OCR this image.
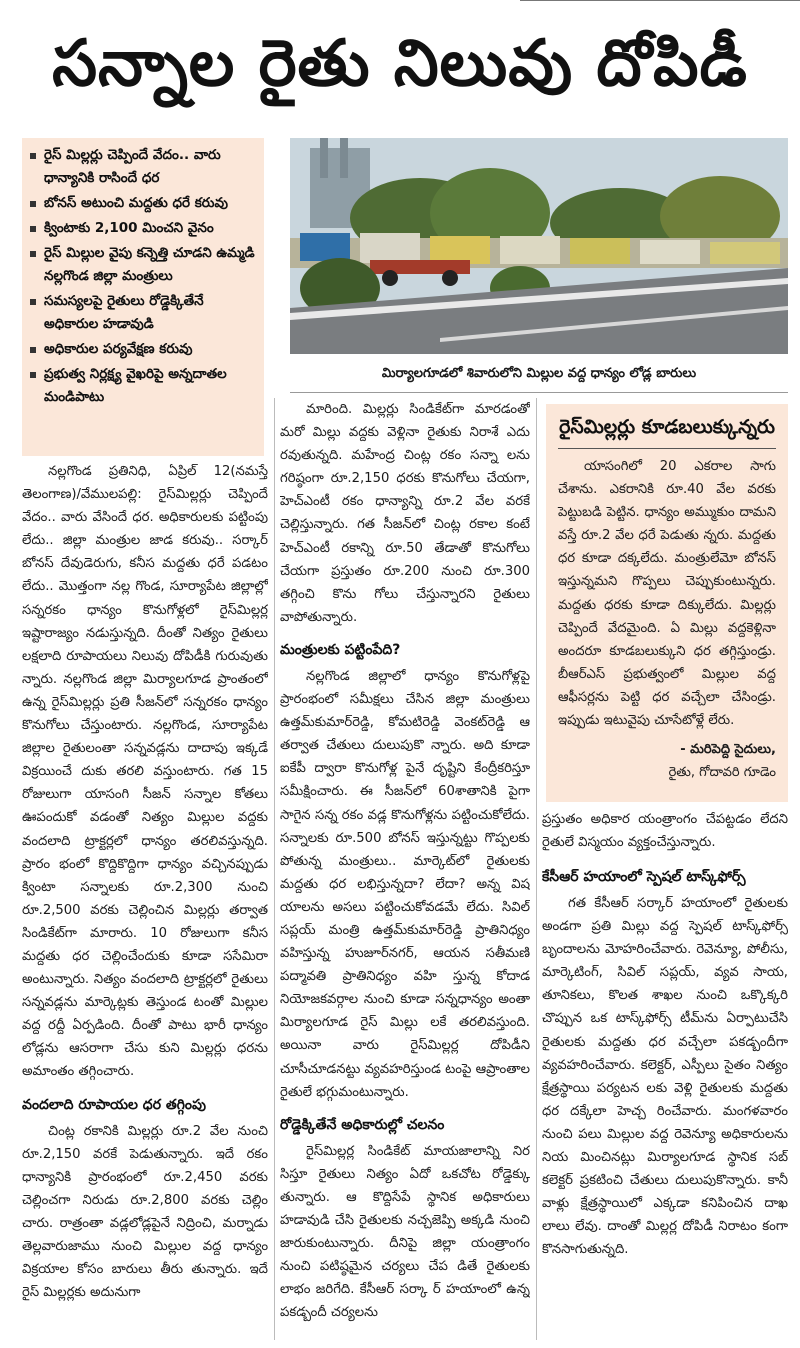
సన్నాల రైతు నిలువు దోపిడీ
రైస్ మిల్లర్లు చెప్పిందే వేదం.. వారు ధాన్యానికి రాసిందే ధర
బోనస్ అటుంచి మద్దతు ధరే కరువు
క్వింటాకు 2,100 మించని వైనం
రైస్ మిల్లుల వైపు కన్నెత్తి చూడని ఉమ్మడి నల్లగొండ జిల్లా మంత్రులు
సమస్యలపై రైతులు రోడ్డెక్కితేనే అధికారుల హడావుడి
అధికారుల పర్యవేక్షణ కరువు
ప్రభుత్వ నిర్లక్ష్య వైఖరిపై అన్నదాతల మండిపాటు
మిర్యాలగూడలో శివారులోని మిల్లుల వద్ద ధాన్యం లోడ్ల బారులు

నల్లగొండ ప్రతినిధి, ఏప్రిల్ 12(నమస్తే తెలంగాణ)/వేములపల్లి: రైస్‌మిల్లర్లు చెప్పిందే వేదం.. వారు వేసిందే ధర. అధికారులకు పట్టింపు లేదు.. జిల్లా మంత్రుల జాడ కరువు.. సర్కార్ బోనస్ దేవుడెరుగు, కనీస మద్దతు ధరే పడటం లేదు.. మొత్తంగా నల్ల గొండ, సూర్యాపేట జిల్లాల్లో సన్నరకం ధాన్యం కొనుగోళ్లలో రైస్‌మిల్లర్ల ఇష్టారాజ్యం నడుస్తున్నది. దీంతో నిత్యం రైతులు లక్షలాది రూపాయలు నిలువు దోపిడీకి గురువుతు న్నారు. నల్లగొండ జిల్లా మిర్యాలగూడ ప్రాంతంలో ఉన్న రైస్‌మిల్లర్లు ప్రతి సీజన్‌లో సన్నరకం ధాన్యం కొనుగోలు చేస్తుంటారు. నల్లగొండ, సూర్యాపేట జిల్లాల రైతులంతా సన్నవడ్లను దాదాపు ఇక్కడే విక్రయించే దుకు తరలి వస్తుంటారు. గత 15 రోజులుగా యాసంగి సీజన్ సన్నాల కోతలు ఊపందుకో వడంతో నిత్యం మిల్లుల వద్దకు వందలాది ట్రాక్టర్లలో ధాన్యం తరలివస్తున్నది. ప్రారం భంలో కొద్దికొద్దిగా ధాన్యం వచ్చినప్పుడు క్వింటా సన్నాలకు రూ.2,300 నుంచి రూ.2,500 వరకు చెల్లించిన మిల్లర్లు తర్వాత సిండికేట్‌గా మారారు. 10 రోజులుగా కనీస మద్దతు ధర చెల్లించేందుకు కూడా ససేమిరా అంటున్నారు. నిత్యం వందలాది ట్రాక్టర్లలో రైతులు సన్నవడ్లను మార్కెట్లకు తెస్తుండ టంతో మిల్లుల వద్ద రద్దీ ఏర్పడింది. దీంతో పాటు భారీ ధాన్యం లోడ్లను ఆసరాగా చేసు కుని మిల్లర్లు ధరను అమాంతం తగ్గించారు.

వందలాది రూపాయల ధర తగ్గింపు

చింట్ల రకానికి మిల్లర్లు రూ.2 వేల నుంచి రూ.2,150 వరకే పెడుతున్నారు. ఇదే రకం ధాన్యానికి ప్రారంభంలో రూ.2,450 వరకు చెల్లించగా నిరుడు రూ.2,800 వరకు చెల్లిం చారు. రాత్రంతా వడ్లలోడ్లపైనే నిద్రించి, మర్నాడు తెల్లవారుజాము నుంచి మిల్లుల వద్ద ధాన్యం విక్రయాల కోసం బారులు తీరు తున్నారు. ఇదే రైస్ మిల్లర్లకు అదునుగా

మారింది. మిల్లర్లు సిండికేట్‌గా మారడంతో మరో మిల్లు వద్దకు వెళ్లినా రైతుకు నిరాశే ఎదు రవుతున్నది. మహేంద్ర చింట్ల రకం సన్నా లను గరిష్ఠంగా రూ.2,150 ధరకు కొనుగోలు చేయగా, హెచ్ఎంటీ రకం ధాన్యాన్ని రూ.2 వేల వరకే చెల్లిస్తున్నారు. గత సీజన్‌లో చింట్ల రకాల కంటే హెచ్ఎంటీ రకాన్ని రూ.50 తేడాతో కొనుగోలు చేయగా ప్రస్తుతం రూ.200 నుంచి రూ.300 తగ్గించి కొను గోలు చేస్తున్నారని రైతులు వాపోతున్నారు.

మంత్రులకు పట్టింపేది?

నల్లగొండ జిల్లాలో ధాన్యం కొనుగోళ్లపై ప్రారంభంలో సమీక్షలు చేసిన జిల్లా మంత్రులు ఉత్తమ్‌కుమార్‌రెడ్డి, కోమటిరెడ్డి వెంకట్‌రెడ్డి ఆ తర్వాత చేతులు దులుపుకొ న్నారు. అది కూడా ఐకేపీ ద్వారా కొనుగోళ్ల పైనే దృష్టిని కేంద్రీకరిస్తూ సమీక్షించారు. ఈ సీజన్‌లో 60శాతానికి పైగా సాగైన సన్న రకం వడ్ల కొనుగోళ్లను పట్టించుకోలేదు. సన్నాలకు రూ.500 బోనస్ ఇస్తున్నట్టు గొప్పలకు పోతున్న మంత్రులు.. మార్కెట్‌లో రైతులకు మద్దతు ధర లభిస్తున్నదా? లేదా? అన్న విష యాలను అసలు పట్టించుకోవడమే లేదు. సివిల్ సప్లయ్ మంత్రి ఉత్తమ్‌కుమార్‌రెడ్డి ప్రాతినిధ్యం వహిస్తున్న హుజూర్‌నగర్, ఆయన సతీమణి పద్మావతి ప్రాతినిధ్యం వహి స్తున్న కోదాడ నియోజకవర్గాల నుంచి కూడా సన్నధాన్యం అంతా మిర్యాలగూడ రైస్ మిల్లు లకే తరలివస్తుంది. అయినా వారు రైస్‌మిల్లర్ల దోపిడీని చూసీచూడనట్టు వ్యవహరిస్తుండ టంపై ఆప్రాంతాల రైతులే భగ్గుమంటున్నారు.

రోడ్డెక్కితేనే అధికారుల్లో చలనం

రైస్‌మిల్లర్ల సిండికేట్ మాయజాలాన్ని నిర సిస్తూ రైతులు నిత్యం ఏదో ఒకచోట రోడ్డెక్కు తున్నారు. ఆ కొద్దిసేపే స్థానిక అధికారులు హడావుడి చేసి రైతులకు నచ్చజెప్పి అక్కడి నుంచి జారుకుంటున్నారు. దీనిపై జిల్లా యంత్రాంగం నుంచి పటిష్ఠమైన చర్యలు చేప డితే రైతులకు లాభం జరిగేది. కేసీఆర్ సర్కా ర్ హయాంలో ఉన్న పకడ్బందీ చర్యలను

రైస్‌మిల్లర్లు కూడబలుక్కున్నరు

యాసంగిలో 20 ఎకరాల సాగు చేశాను. ఎకరానికి రూ.40 వేల వరకు పెట్టుబడి పెట్టిన. ధాన్యం అమ్ముకుం దామని వస్తే రూ.2 వేల ధరే పెడుతు న్నరు. మద్దతు ధర కూడా దక్కలేదు. మంత్రులేమో బోనస్ ఇస్తున్నమని గొప్పలు చెప్పుకుంటున్నరు. మద్దతు ధరకు కూడా దిక్కులేదు. మిల్లర్లు చెప్పిందే వేదమైంది. ఏ మిల్లు వద్దకెళ్లినా అందరూ కూడబలుక్కుని ధర తగ్గిస్తుండ్రు. బీఆర్ఎస్ ప్రభుత్వంలో మిల్లుల వద్ద ఆఫీసర్లను పెట్టి ధర వచ్చేలా చేసిండ్రు. ఇప్పుడు ఇటువైపు చూసేటోళ్లే లేరు.

- మరిపెద్ది సైదులు,
రైతు, గోదావరి గూడెం
ప్రస్తుతం అధికార యంత్రాంగం చేపట్టడం లేదని రైతులే విస్మయం వ్యక్తంచేస్తున్నారు.
కేసీఆర్ హయాంలో స్పెషల్ టాస్క్‌ఫోర్స్

గత కేసీఆర్ సర్కార్ హయాంలో రైతులకు అండగా ప్రతి మిల్లు వద్ద స్పెషల్ టాస్క్‌ఫోర్స్ బృందాలను మోహరించేవారు. రెవెన్యూ, పోలీసు, మార్కెటింగ్, సివిల్ సప్లయ్, వ్యవ సాయ, తూనికలు, కొలత శాఖల నుంచి ఒక్కొక్కరి చొప్పున ఒక టాస్క్‌ఫోర్స్ టీమ్‌ను ఏర్పాటుచేసి రైతులకు మద్దతు ధర వచ్చేలా పకడ్బందీగా వ్యవహరించేవారు. కలెక్టర్, ఎస్పీలు సైతం నిత్యం క్షేత్రస్థాయి పర్యటన లకు వెళ్లి రైతులకు మద్దతు ధర దక్కేలా హెచ్చ రించేవారు. మంగళవారం నుంచి పలు మిల్లుల వద్ద రెవెన్యూ అధికారులను నియ మించినట్లు మిర్యాలగూడ స్థానిక సబ్ కలెక్టర్ ప్రకటించి చేతులు దులుపుకొన్నారు. కానీ వాళ్లు క్షేత్రస్థాయిలో ఎక్కడా కనిపించిన దాఖ లాలు లేవు. దాంతో మిల్లర్ల దోపిడీ నిరాటం కంగా కొనసాగుతున్నది.
